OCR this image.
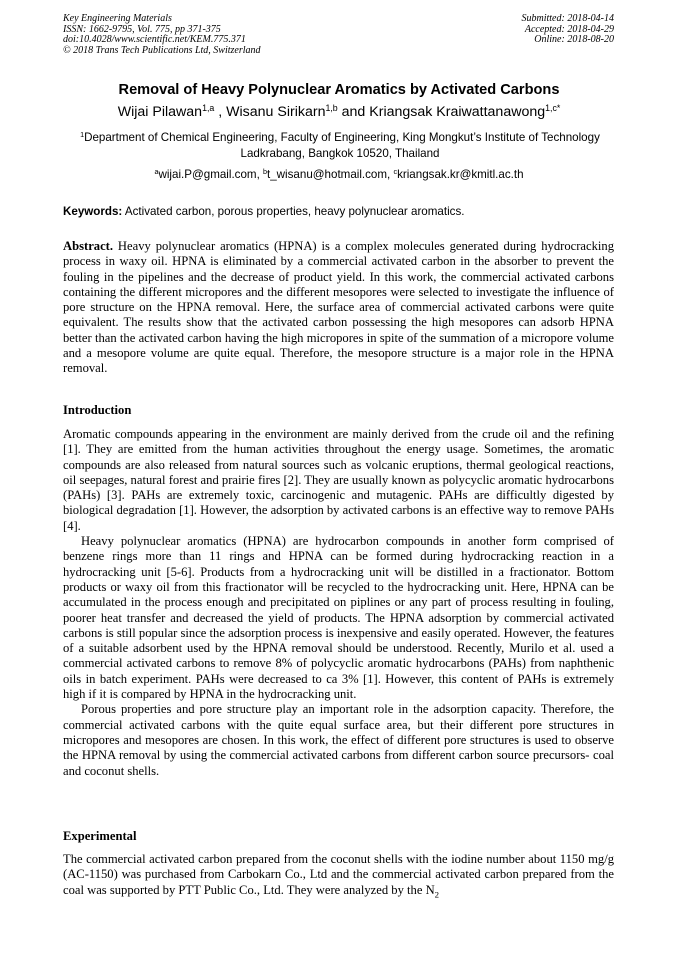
Key Engineering Materials
ISSN: 1662-9795, Vol. 775, pp 371-375
doi:10.4028/www.scientific.net/KEM.775.371
© 2018 Trans Tech Publications Ltd, Switzerland
Submitted: 2018-04-14
Accepted: 2018-04-29
Online: 2018-08-20
Removal of Heavy Polynuclear Aromatics by Activated Carbons
Wijai Pilawan$^{1,a}$ , Wisanu Sirikarn$^{1,b}$ and Kriangsak Kraiwattanawong$^{1,c*}$
$^1$Department of Chemical Engineering, Faculty of Engineering, King Mongkut’s Institute of Technology Ladkrabang, Bangkok 10520, Thailand
$^a$wijai.P@gmail.com, $^b$t_wisanu@hotmail.com, $^c$kriangsak.kr@kmitl.ac.th
Keywords: Activated carbon, porous properties, heavy polynuclear aromatics.

Abstract. Heavy polynuclear aromatics (HPNA) is a complex molecules generated during hydrocracking process in waxy oil. HPNA is eliminated by a commercial activated carbon in the absorber to prevent the fouling in the pipelines and the decrease of product yield. In this work, the commercial activated carbons containing the different micropores and the different mesopores were selected to investigate the influence of pore structure on the HPNA removal. Here, the surface area of commercial activated carbons were quite equivalent. The results show that the activated carbon possessing the high mesopores can adsorb HPNA better than the activated carbon having the high micropores in spite of the summation of a micropore volume and a mesopore volume are quite equal. Therefore, the mesopore structure is a major role in the HPNA removal.

Introduction

Aromatic compounds appearing in the environment are mainly derived from the crude oil and the refining [1]. They are emitted from the human activities throughout the energy usage. Sometimes, the aromatic compounds are also released from natural sources such as volcanic eruptions, thermal geological reactions, oil seepages, natural forest and prairie fires [2]. They are usually known as polycyclic aromatic hydrocarbons (PAHs) [3]. PAHs are extremely toxic, carcinogenic and mutagenic. PAHs are difficultly digested by biological degradation [1]. However, the adsorption by activated carbons is an effective way to remove PAHs [4].

Heavy polynuclear aromatics (HPNA) are hydrocarbon compounds in another form comprised of benzene rings more than 11 rings and HPNA can be formed during hydrocracking reaction in a hydrocracking unit [5-6]. Products from a hydrocracking unit will be distilled in a fractionator. Bottom products or waxy oil from this fractionator will be recycled to the hydrocracking unit. Here, HPNA can be accumulated in the process enough and precipitated on piplines or any part of process resulting in fouling, poorer heat transfer and decreased the yield of products. The HPNA adsorption by commercial activated carbons is still popular since the adsorption process is inexpensive and easily operated. However, the features of a suitable adsorbent used by the HPNA removal should be understood. Recently, Murilo et al. used a commercial activated carbons to remove 8% of polycyclic aromatic hydrocarbons (PAHs) from naphthenic oils in batch experiment. PAHs were decreased to ca 3% [1]. However, this content of PAHs is extremely high if it is compared by HPNA in the hydrocracking unit.

Porous properties and pore structure play an important role in the adsorption capacity. Therefore, the commercial activated carbons with the quite equal surface area, but their different pore structures in micropores and mesopores are chosen. In this work, the effect of different pore structures is used to observe the HPNA removal by using the commercial activated carbons from different carbon source precursors- coal and coconut shells.

Experimental

The commercial activated carbon prepared from the coconut shells with the iodine number about 1150 mg/g (AC-1150) was purchased from Carbokarn Co., Ltd and the commercial activated carbon prepared from the coal was supported by PTT Public Co., Ltd. They were analyzed by the $N_2$
